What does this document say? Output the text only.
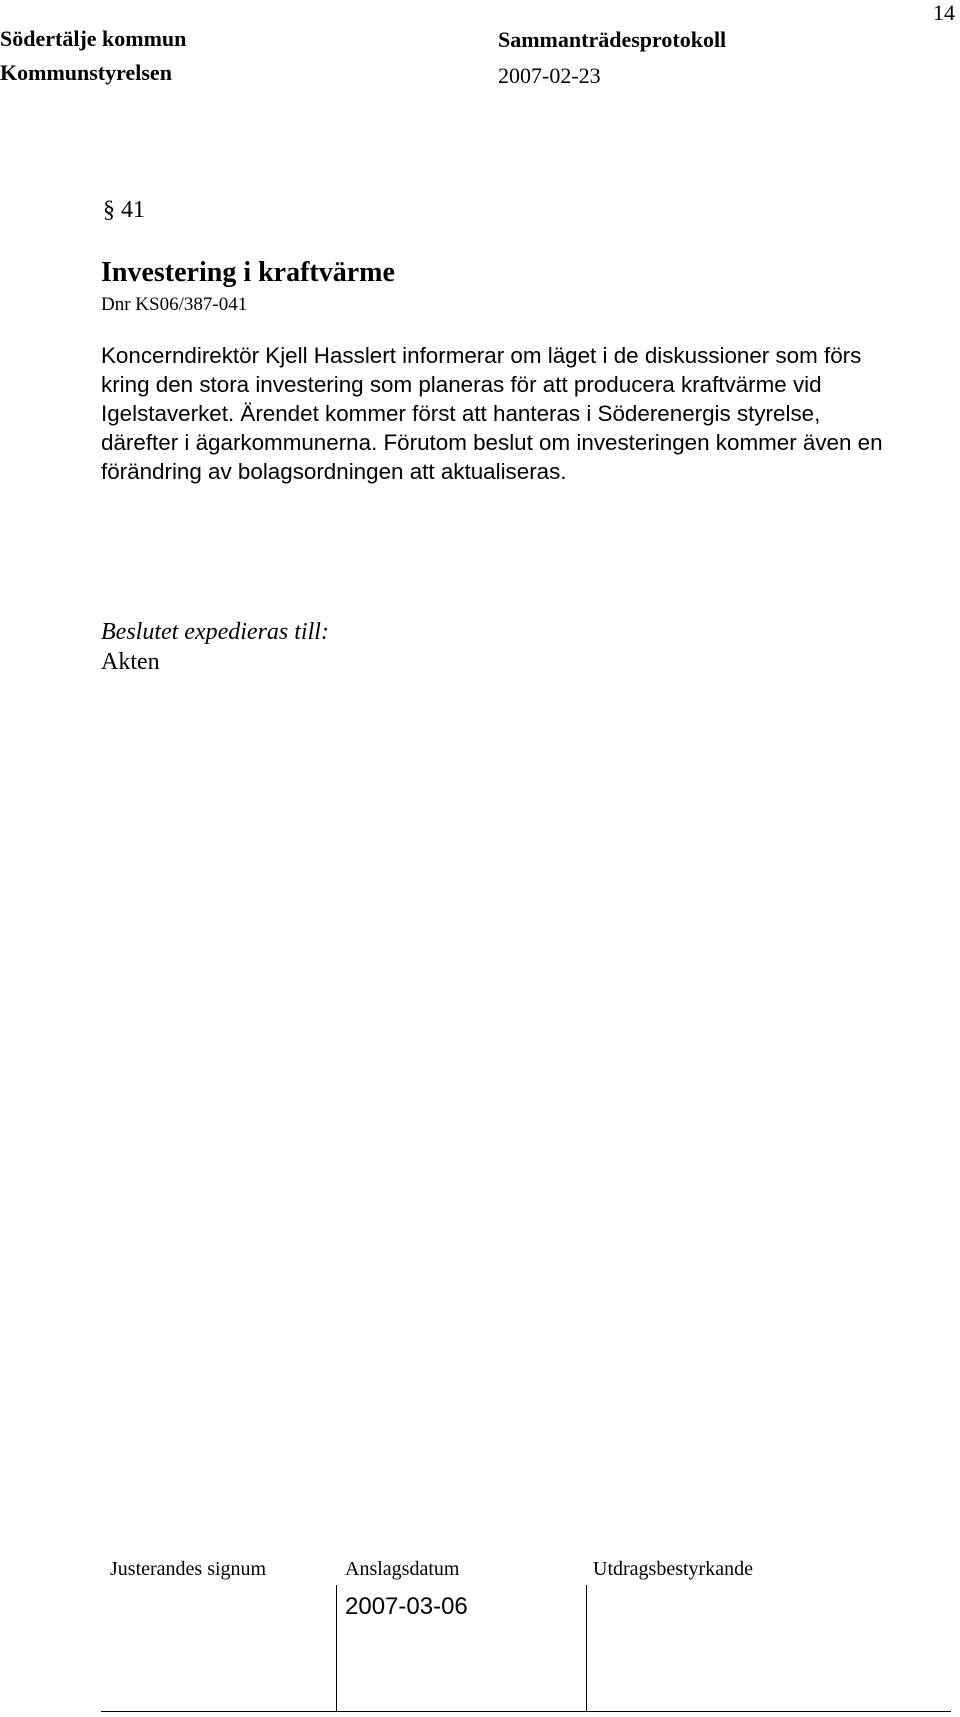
Södertälje kommun
Kommunstyrelsen
Sammanträdesprotokoll
2007-02-23
14
§ 41
Investering i kraftvärme
Dnr KS06/387-041

Koncerndirektör Kjell Hasslert informerar om läget i de diskussioner som förs
kring den stora investering som planeras för att producera kraftvärme vid
Igelstaverket. Ärendet kommer först att hanteras i Söderenergis styrelse,
därefter i ägarkommunerna. Förutom beslut om investeringen kommer även en
förändring av bolagsordningen att aktualiseras.

Beslutet expedieras till:
Akten
Justerandes signum	Anslagsdatum
2007-03-06
Utdragsbestyrkande
